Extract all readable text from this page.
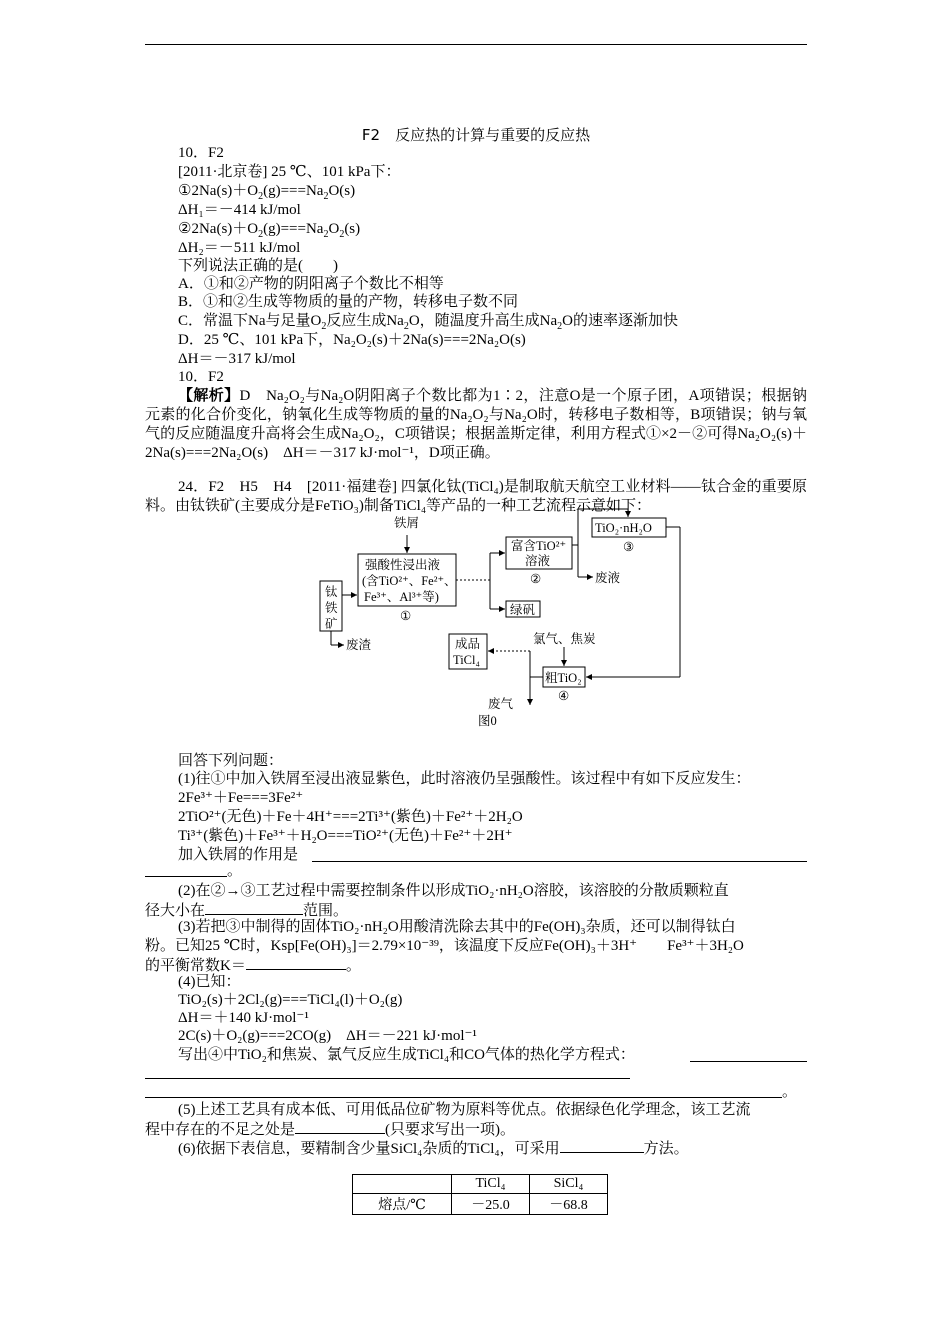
F2　反应热的计算与重要的反应热
10．F2
[2011·北京卷] 25 ℃、101 kPa下：
$①2Na(s)+O_2(g)===Na_2O(s)$
ΔH₁＝－414 kJ/mol
$②2Na(s)+O_2(g)===Na_2O_2(s)$
ΔH₂＝－511 kJ/mol
下列说法正确的是(　　)
A．①和②产物的阴阳离子个数比不相等
B．①和②生成等物质的量的产物，转移电子数不同
C．常温下Na与足量$O_2$反应生成$Na_2O$，随温度升高生成$Na_2O$的速率逐渐加快
D．25 ℃、101 kPa下，Na₂O₂(s)＋2Na(s)===2Na₂O(s)
ΔH＝－317 kJ/mol
10．F2
【解析】D　Na₂O₂与Na₂O阴阳离子个数比都为1∶2，注意O是一个原子团，A项错误；根据钠元素的化合价变化，钠氧化生成等物质的量的Na₂O₂与Na₂O时，转移电子数相等，B项错误；钠与氧气的反应随温度升高将会生成Na₂O₂，C项错误；根据盖斯定律，利用方程式①×2－②可得Na₂O₂(s)＋2Na(s)===2Na₂O(s)　ΔH＝－317 kJ·mol⁻¹，D项正确。
24．F2　H5　H4　[2011·福建卷] 四氯化钛(TiCl₄)是制取航天航空工业材料——钛合金的重要原料。由钛铁矿(主要成分是FeTiO₃)制备TiCl₄等产品的一种工艺流程示意如下：
铁屑
钛
铁
矿
强酸性浸出液
(含TiO²⁺、Fe²⁺、
Fe³⁺、Al³⁺等)
①
富含TiO²⁺
溶液
②
TiO₂·nH₂O
③
废液
绿矾
废渣	成品
TiCl₄
氯气、焦炭
粗TiO₂
④
废气
图0
回答下列问题：
(1)往①中加入铁屑至浸出液显紫色，此时溶液仍呈强酸性。该过程中有如下反应发生：
2Fe³⁺＋Fe===3Fe²⁺
2TiO²⁺(无色)＋Fe＋4H⁺===2Ti³⁺(紫色)＋Fe²⁺＋2H₂O
Ti³⁺(紫色)＋Fe³⁺＋H₂O===TiO²⁺(无色)＋Fe²⁺＋2H⁺
加入铁屑的作用是
。
(2)在②→③工艺过程中需要控制条件以形成TiO₂·nH₂O溶胶，该溶胶的分散质颗粒直
径大小在	范围。
(3)若把③中制得的固体TiO₂·nH₂O用酸清洗除去其中的Fe(OH)₃杂质，还可以制得钛白
粉。已知25 ℃时，Ksp[Fe(OH)₃]＝2.79×10⁻³⁹，该温度下反应Fe(OH)₃＋3H⁺　　Fe³⁺＋3H₂O
的平衡常数K＝	。
(4)已知：
TiO₂(s)＋2Cl₂(g)===TiCl₄(l)＋O₂(g)
ΔH＝＋140 kJ·mol⁻¹
2C(s)＋O₂(g)===2CO(g)　ΔH＝－221 kJ·mol⁻¹
写出④中TiO₂和焦炭、氯气反应生成TiCl₄和CO气体的热化学方程式：
。
(5)上述工艺具有成本低、可用低品位矿物为原料等优点。依据绿色化学理念，该工艺流
程中存在的不足之处是	(只要求写出一项)。
(6)依据下表信息，要精制含少量SiCl₄杂质的TiCl₄，可采用	方法。
	TiCl₄	SiCl₄
熔点/℃	－25.0	－68.8
